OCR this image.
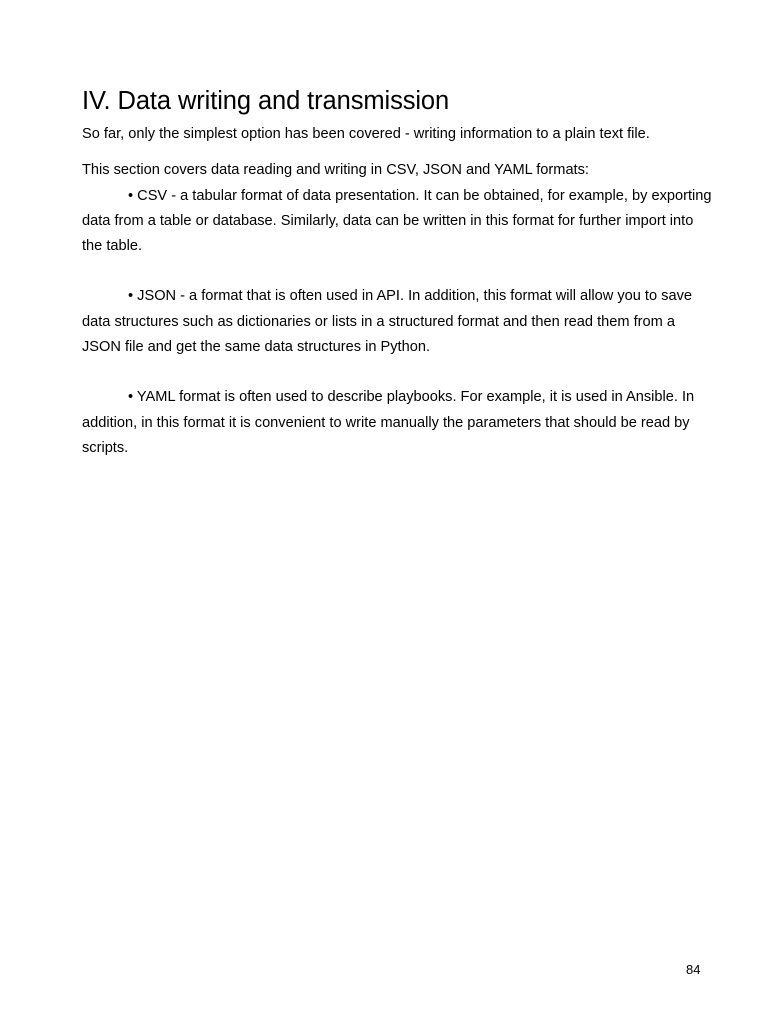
IV. Data writing and transmission

So far, only the simplest option has been covered - writing information to a plain text file.

This section covers data reading and writing in CSV, JSON and YAML formats:

• CSV - a tabular format of data presentation. It can be obtained, for example, by exporting data from a table or database. Similarly, data can be written in this format for further import into the table.

• JSON - a format that is often used in API. In addition, this format will allow you to save data structures such as dictionaries or lists in a structured format and then read them from a JSON file and get the same data structures in Python.

• YAML format is often used to describe playbooks. For example, it is used in Ansible. In addition, in this format it is convenient to write manually the parameters that should be read by scripts.

84
